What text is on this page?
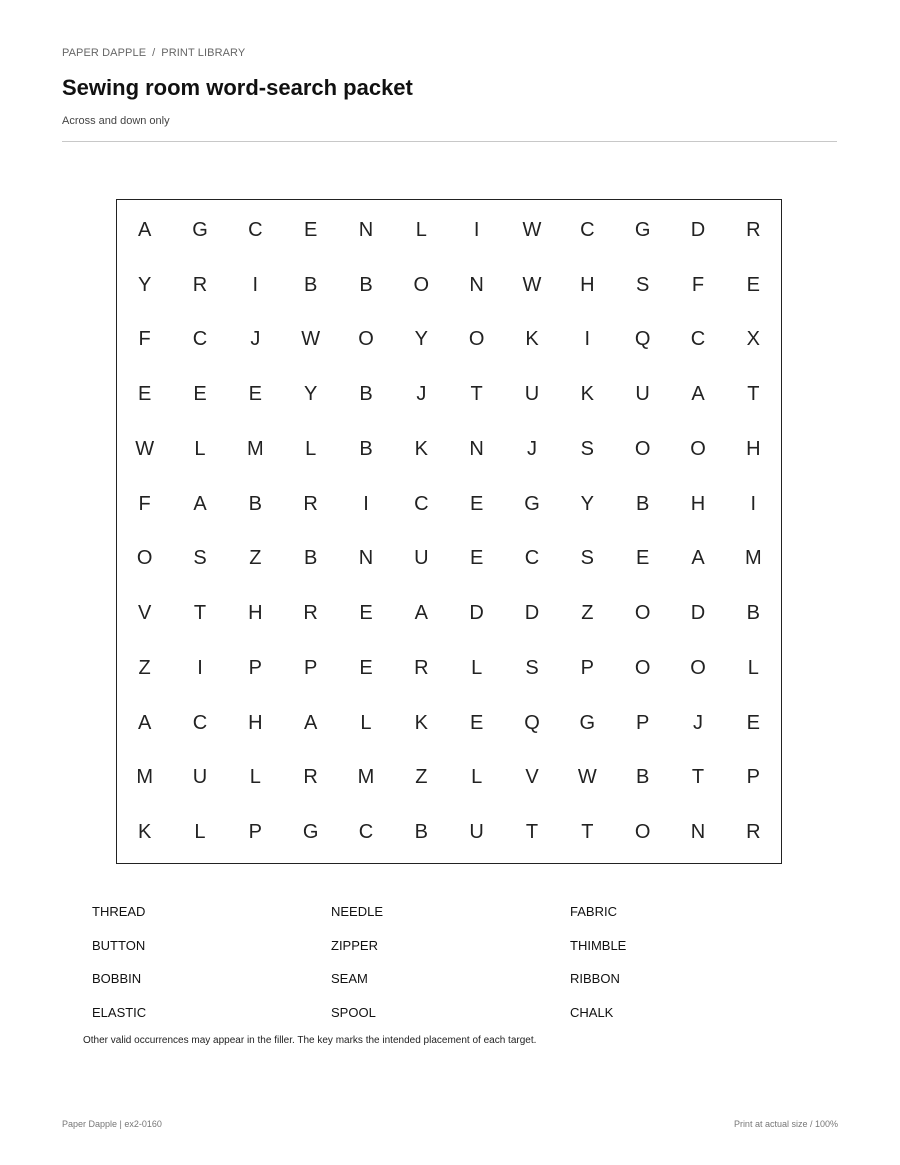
PAPER DAPPLE / PRINT LIBRARY
Sewing room word-search packet
Across and down only
A	G	C	E	N	L	I	W	C	G	D	R
Y	R	I	B	B	O	N	W	H	S	F	E
F	C	J	W	O	Y	O	K	I	Q	C	X
E	E	E	Y	B	J	T	U	K	U	A	T
W	L	M	L	B	K	N	J	S	O	O	H
F	A	B	R	I	C	E	G	Y	B	H	I
O	S	Z	B	N	U	E	C	S	E	A	M
V	T	H	R	E	A	D	D	Z	O	D	B
Z	I	P	P	E	R	L	S	P	O	O	L
A	C	H	A	L	K	E	Q	G	P	J	E
M	U	L	R	M	Z	L	V	W	B	T	P
K	L	P	G	C	B	U	T	T	O	N	R
THREAD	NEEDLE	FABRIC
BUTTON	ZIPPER	THIMBLE
BOBBIN	SEAM	RIBBON
ELASTIC	SPOOL	CHALK
Other valid occurrences may appear in the filler. The key marks the intended placement of each target.
Paper Dapple | ex2-0160	Print at actual size / 100%
